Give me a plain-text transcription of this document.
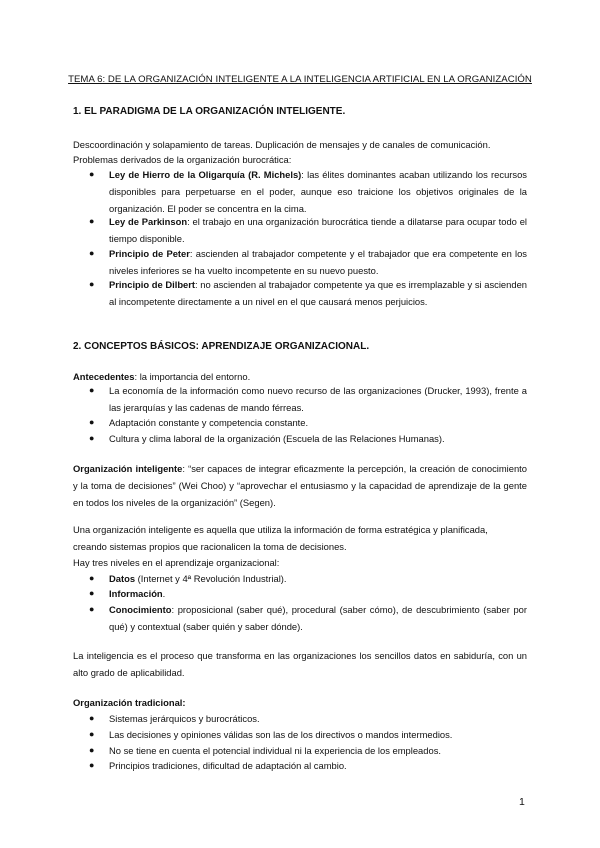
TEMA 6: DE LA ORGANIZACIÓN INTELIGENTE A LA INTELIGENCIA ARTIFICIAL EN LA ORGANIZACIÓN
1. EL PARADIGMA DE LA ORGANIZACIÓN INTELIGENTE.
Descoordinación y solapamiento de tareas. Duplicación de mensajes y de canales de comunicación.
Problemas derivados de la organización burocrática:
● Ley de Hierro de la Oligarquía (R. Michels): las élites dominantes acaban utilizando los recursos disponibles para perpetuarse en el poder, aunque eso traicione los objetivos originales de la organización. El poder se concentra en la cima.
● Ley de Parkinson: el trabajo en una organización burocrática tiende a dilatarse para ocupar todo el tiempo disponible.
● Principio de Peter: ascienden al trabajador competente y el trabajador que era competente en los niveles inferiores se ha vuelto incompetente en su nuevo puesto.
● Principio de Dilbert: no ascienden al trabajador competente ya que es irremplazable y si ascienden al incompetente directamente a un nivel en el que causará menos perjuicios.
2. CONCEPTOS BÁSICOS: APRENDIZAJE ORGANIZACIONAL.
Antecedentes: la importancia del entorno.
● La economía de la información como nuevo recurso de las organizaciones (Drucker, 1993), frente a las jerarquías y las cadenas de mando férreas.
● Adaptación constante y competencia constante.
● Cultura y clima laboral de la organización (Escuela de las Relaciones Humanas).
Organización inteligente: “ser capaces de integrar eficazmente la percepción, la creación de conocimiento y la toma de decisiones” (Wei Choo) y “aprovechar el entusiasmo y la capacidad de aprendizaje de la gente en todos los niveles de la organización” (Segen).
Una organización inteligente es aquella que utiliza la información de forma estratégica y planificada,
creando sistemas propios que racionalicen la toma de decisiones.
Hay tres niveles en el aprendizaje organizacional:
● Datos (Internet y 4ª Revolución Industrial).
● Información.
● Conocimiento: proposicional (saber qué), procedural (saber cómo), de descubrimiento (saber por qué) y contextual (saber quién y saber dónde).
La inteligencia es el proceso que transforma en las organizaciones los sencillos datos en sabiduría, con un alto grado de aplicabilidad.
Organización tradicional:
● Sistemas jerárquicos y burocráticos.
● Las decisiones y opiniones válidas son las de los directivos o mandos intermedios.
● No se tiene en cuenta el potencial individual ni la experiencia de los empleados.
● Principios tradiciones, dificultad de adaptación al cambio.
1
